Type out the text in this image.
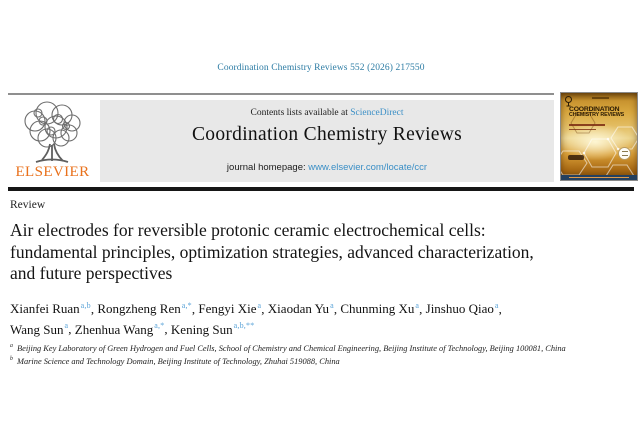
Coordination Chemistry Reviews 552 (2026) 217550
ELSEVIER
Contents lists available at ScienceDirect
Coordination Chemistry Reviews
journal homepage: www.elsevier.com/locate/ccr
COORDINATION
CHEMISTRY REVIEWS
Review
Air electrodes for reversible protonic ceramic electrochemical cells:
fundamental principles, optimization strategies, advanced characterization,
and future perspectives
Xianfei Ruan$^{a,b}$, Rongzheng Ren$^{a,*}$, Fengyi Xie$^a$, Xiaodan Yu$^a$, Chunming Xu$^a$, Jinshuo Qiao$^a$,
Wang Sun$^a$, Zhenhua Wang$^{a,*}$, Kening Sun$^{a,b,**}$
$^a$ Beijing Key Laboratory of Green Hydrogen and Fuel Cells, School of Chemistry and Chemical Engineering, Beijing Institute of Technology, Beijing 100081, China
$^b$ Marine Science and Technology Domain, Beijing Institute of Technology, Zhuhai 519088, China
